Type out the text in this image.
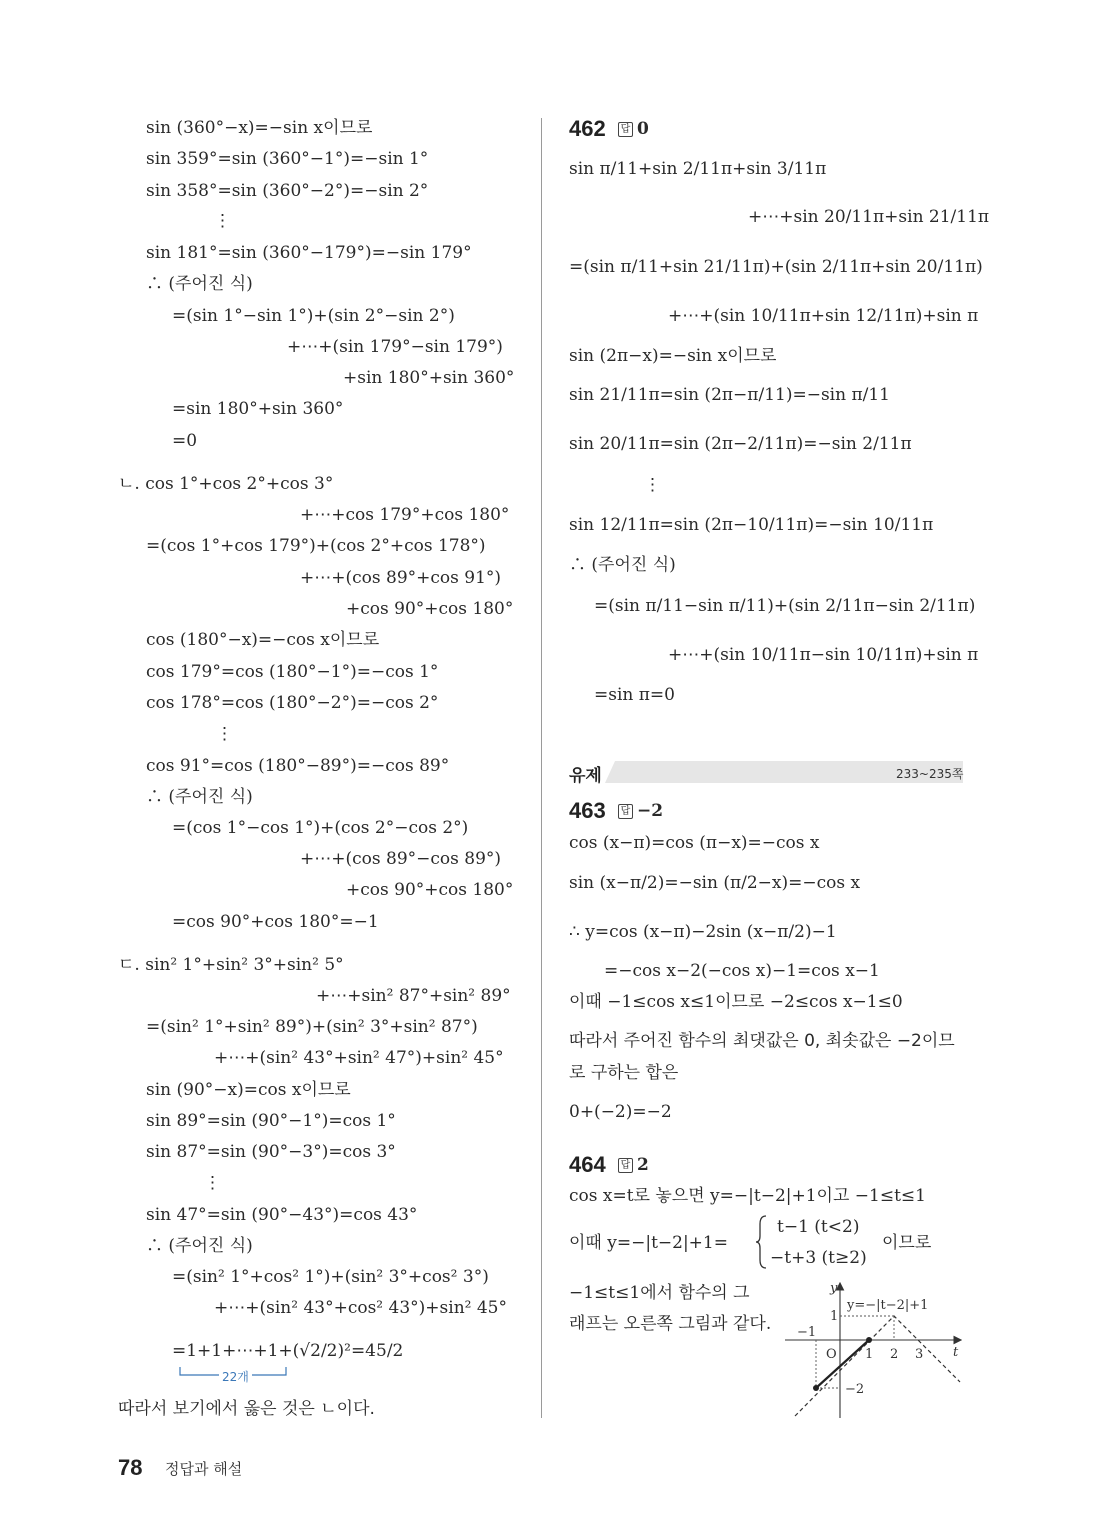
sin (360°−x)=−sin x이므로
sin 359°=sin (360°−1°)=−sin 1°
sin 358°=sin (360°−2°)=−sin 2°
⋮
sin 181°=sin (360°−179°)=−sin 179°
∴ (주어진 식)
=(sin 1°−sin 1°)+(sin 2°−sin 2°)
+⋯+(sin 179°−sin 179°)
+sin 180°+sin 360°
=sin 180°+sin 360°
=0
ㄴ. cos 1°+cos 2°+cos 3°
+⋯+cos 179°+cos 180°
=(cos 1°+cos 179°)+(cos 2°+cos 178°)
+⋯+(cos 89°+cos 91°)
+cos 90°+cos 180°
cos (180°−x)=−cos x이므로
cos 179°=cos (180°−1°)=−cos 1°
cos 178°=cos (180°−2°)=−cos 2°
⋮
cos 91°=cos (180°−89°)=−cos 89°
∴ (주어진 식)
=(cos 1°−cos 1°)+(cos 2°−cos 2°)
+⋯+(cos 89°−cos 89°)
+cos 90°+cos 180°
=cos 90°+cos 180°=−1
ㄷ. sin² 1°+sin² 3°+sin² 5°
+⋯+sin² 87°+sin² 89°
=(sin² 1°+sin² 89°)+(sin² 3°+sin² 87°)
+⋯+(sin² 43°+sin² 47°)+sin² 45°
sin (90°−x)=cos x이므로
sin 89°=sin (90°−1°)=cos 1°
sin 87°=sin (90°−3°)=cos 3°
⋮
sin 47°=sin (90°−43°)=cos 43°
∴ (주어진 식)
=(sin² 1°+cos² 1°)+(sin² 3°+cos² 3°)
+⋯+(sin² 43°+cos² 43°)+sin² 45°
=1+1+⋯+1+(√2/2)²=45/2
22개
따라서 보기에서 옳은 것은 ㄴ이다.
462	답 0
sin π/11+sin 2/11π+sin 3/11π
+⋯+sin 20/11π+sin 21/11π
=(sin π/11+sin 21/11π)+(sin 2/11π+sin 20/11π)
+⋯+(sin 10/11π+sin 12/11π)+sin π
sin (2π−x)=−sin x이므로
sin 21/11π=sin (2π−π/11)=−sin π/11
sin 20/11π=sin (2π−2/11π)=−sin 2/11π
⋮
sin 12/11π=sin (2π−10/11π)=−sin 10/11π
∴ (주어진 식)
=(sin π/11−sin π/11)+(sin 2/11π−sin 2/11π)
+⋯+(sin 10/11π−sin 10/11π)+sin π
=sin π=0
유제	233~235쪽
463	답 −2
cos (x−π)=cos (π−x)=−cos x
sin (x−π/2)=−sin (π/2−x)=−cos x
∴ y=cos (x−π)−2sin (x−π/2)−1
=−cos x−2(−cos x)−1=cos x−1
이때 −1≤cos x≤1이므로 −2≤cos x−1≤0
따라서 주어진 함수의 최댓값은 0, 최솟값은 −2이므
로 구하는 합은
0+(−2)=−2
464	답 2
cos x=t로 놓으면 y=−|t−2|+1이고 −1≤t≤1
이때 y=−|t−2|+1=
t−1 (t<2)
−t+3 (t≥2)
이므로
−1≤t≤1에서 함수의 그
래프는 오른쪽 그림과 같다.
y
t
O 1 2 3
1
−1
−2
y=−|t−2|+1
78 정답과 해설
